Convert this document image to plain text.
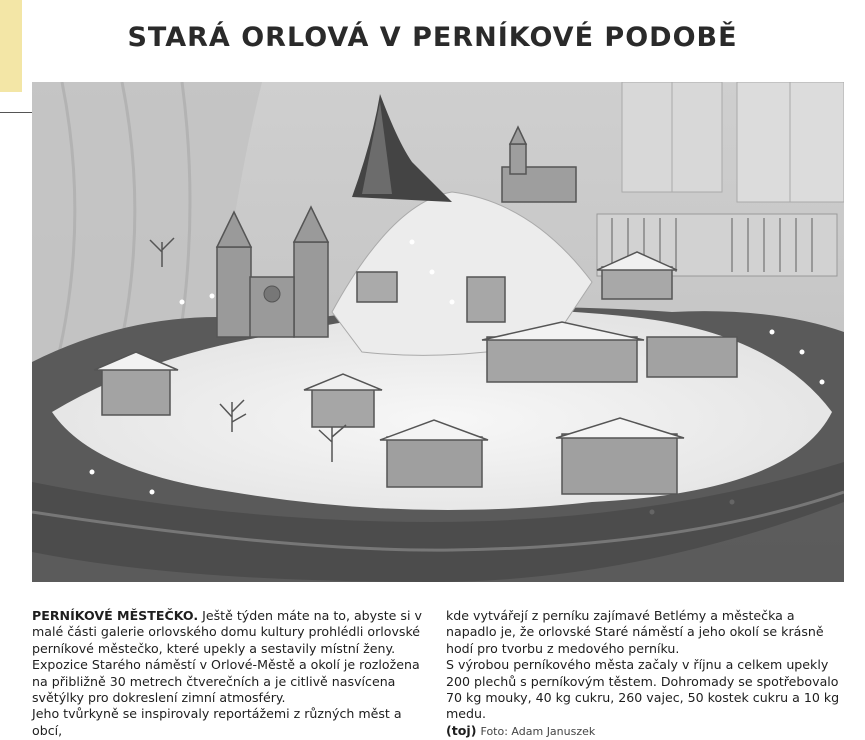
STARÁ ORLOVÁ V PERNÍKOVÉ PODOBĚ

PERNÍKOVÉ MĚSTEČKO. Ještě týden máte na to, abyste si v malé části galerie orlovského domu kultury prohlédli orlovské perníkové městečko, které upekly a sestavily místní ženy. Expozice Starého náměstí v Orlové-Městě a okolí je rozložena na přibližně 30 metrech čtverečních a je citlivě nasvícena světýlky pro dokreslení zimní atmosféry.

Jeho tvůrkyně se inspirovaly reportážemi z různých měst a obcí,

kde vytvářejí z perníku zajímavé Betlémy a městečka a napadlo je, že orlovské Staré náměstí a jeho okolí se krásně hodí pro tvorbu z medového perníku.

S výrobou perníkového města začaly v říjnu a celkem upekly 200 plechů s perníkovým těstem. Dohromady se spotřebovalo 70 kg mouky, 40 kg cukru, 260 vajec, 50 kostek cukru a 10 kg medu.

(toj) Foto: Adam Januszek
